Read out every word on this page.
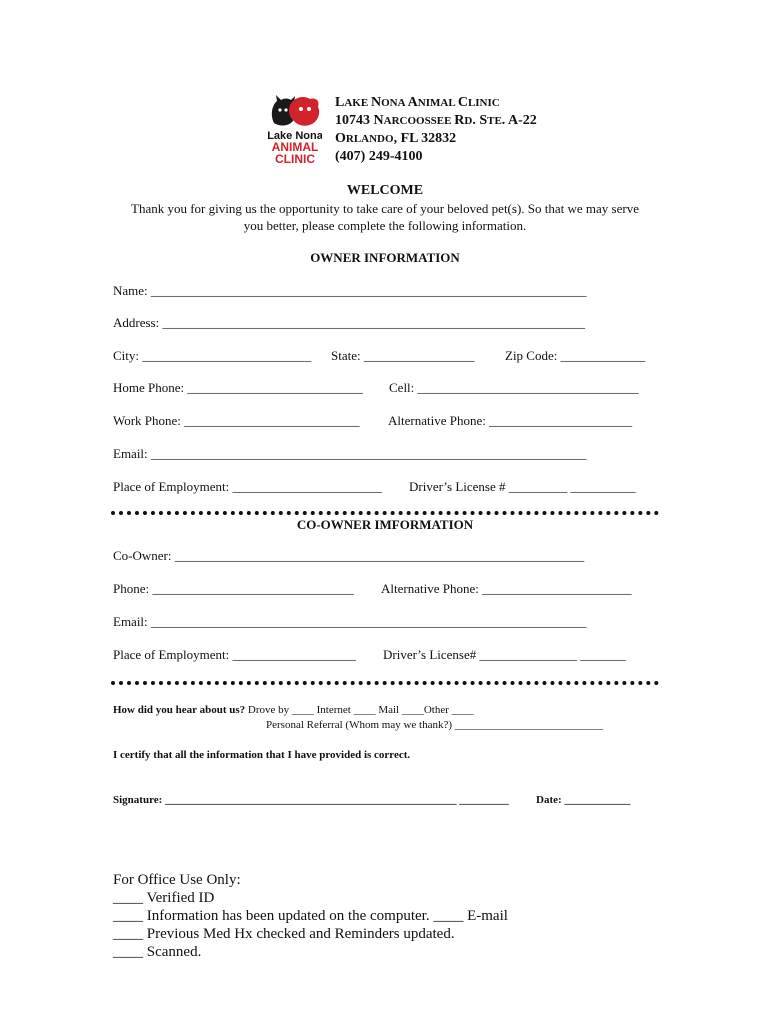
Lake Nona
ANIMAL
CLINIC
LAKE NONA ANIMAL CLINIC
10743 NARCOOSSEE RD. STE. A-22
ORLANDO, FL 32832
(407) 249-4100
WELCOME
Thank you for giving us the opportunity to take care of your beloved pet(s). So that we may serve
you better, please complete the following information.
OWNER INFORMATION
Name: ___________________________________________________________________
Address: _________________________________________________________________
City: __________________________ State: _________________ Zip Code: _____________
Home Phone: ___________________________ Cell: __________________________________
Work Phone: ___________________________ Alternative Phone: ______________________
Email: ___________________________________________________________________
Place of Employment: _______________________ Driver’s License # _________ __________
CO-OWNER IMFORMATION
Co-Owner: _______________________________________________________________
Phone: _______________________________ Alternative Phone: _______________________
Email: ___________________________________________________________________
Place of Employment: ___________________ Driver’s License# _______________ _______
How did you hear about us? Drove by ____ Internet ____ Mail ____Other ____
Personal Referral (Whom may we thank?) ___________________________
I certify that all the information that I have provided is correct.
Signature: _____________________________________________________ _________ Date: ____________
For Office Use Only:
____ Verified ID
____ Information has been updated on the computer. ____ E-mail
____ Previous Med Hx checked and Reminders updated.
____ Scanned.
